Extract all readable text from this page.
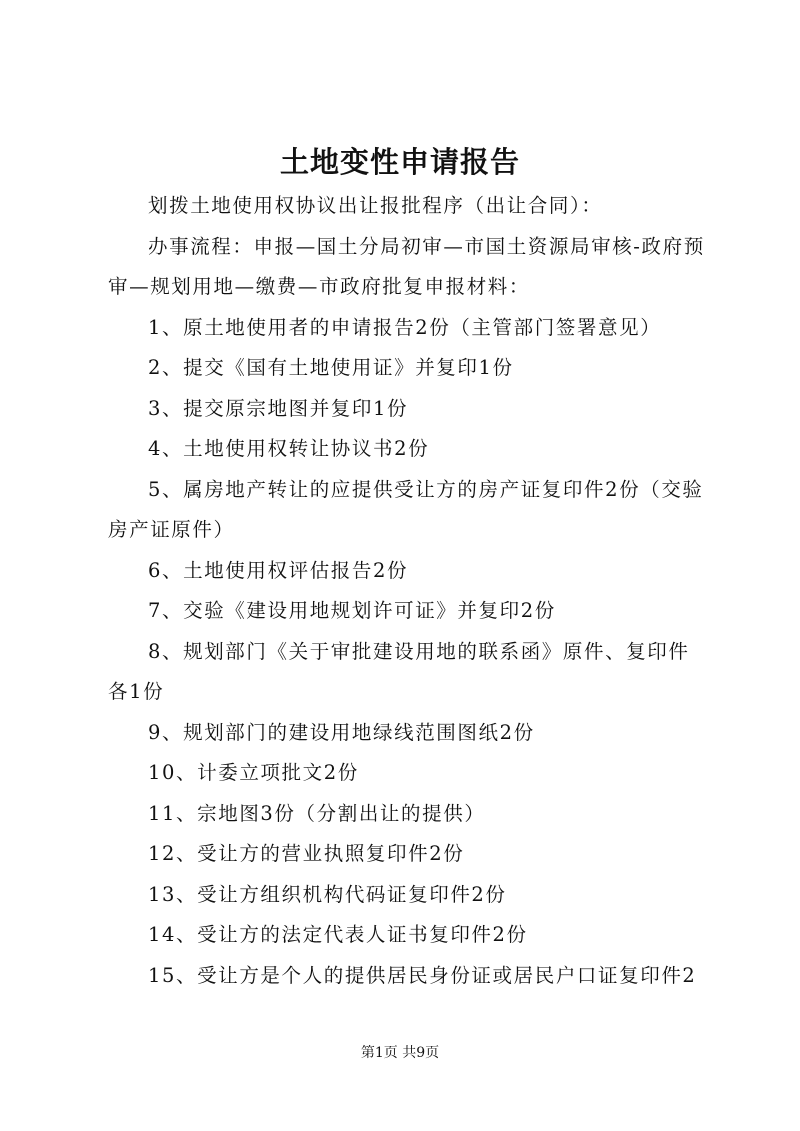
土地变性申请报告

划拨土地使用权协议出让报批程序（出让合同）：

办事流程：申报—国土分局初审—市国土资源局审核-政府预审—规划用地—缴费—市政府批复申报材料：

1、原土地使用者的申请报告2份（主管部门签署意见）

2、提交《国有土地使用证》并复印1份

3、提交原宗地图并复印1份

4、土地使用权转让协议书2份

5、属房地产转让的应提供受让方的房产证复印件2份（交验房产证原件）

6、土地使用权评估报告2份

7、交验《建设用地规划许可证》并复印2份

8、规划部门《关于审批建设用地的联系函》原件、复印件各1份

9、规划部门的建设用地绿线范围图纸2份

10、计委立项批文2份

11、宗地图3份（分割出让的提供）

12、受让方的营业执照复印件2份

13、受让方组织机构代码证复印件2份

14、受让方的法定代表人证书复印件2份

15、受让方是个人的提供居民身份证或居民户口证复印件2

第1页 共9页
